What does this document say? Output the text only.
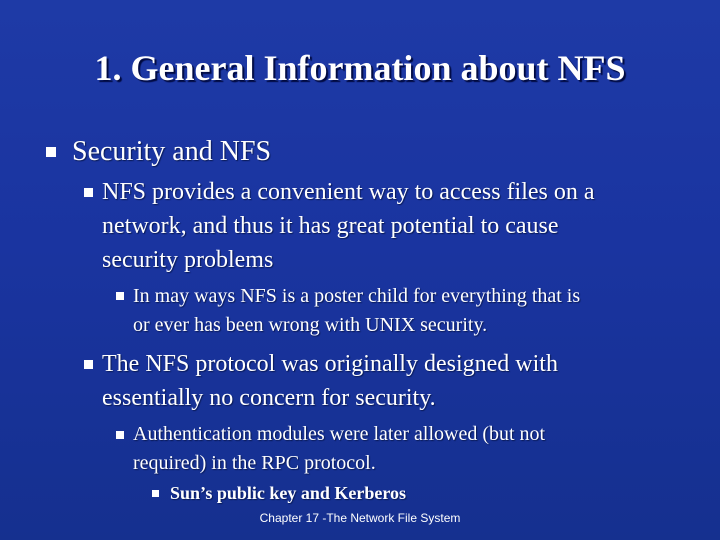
1. General Information about NFS
Security and NFS
NFS provides a convenient way to access files on a
network, and thus it has great potential to cause
security problems
In may ways NFS is a poster child for everything that is
or ever has been wrong with UNIX security.
The NFS protocol was originally designed with
essentially no concern for security.
Authentication modules were later allowed (but not
required) in the RPC protocol.
Sun’s public key and Kerberos
Chapter 17 -The Network File System
